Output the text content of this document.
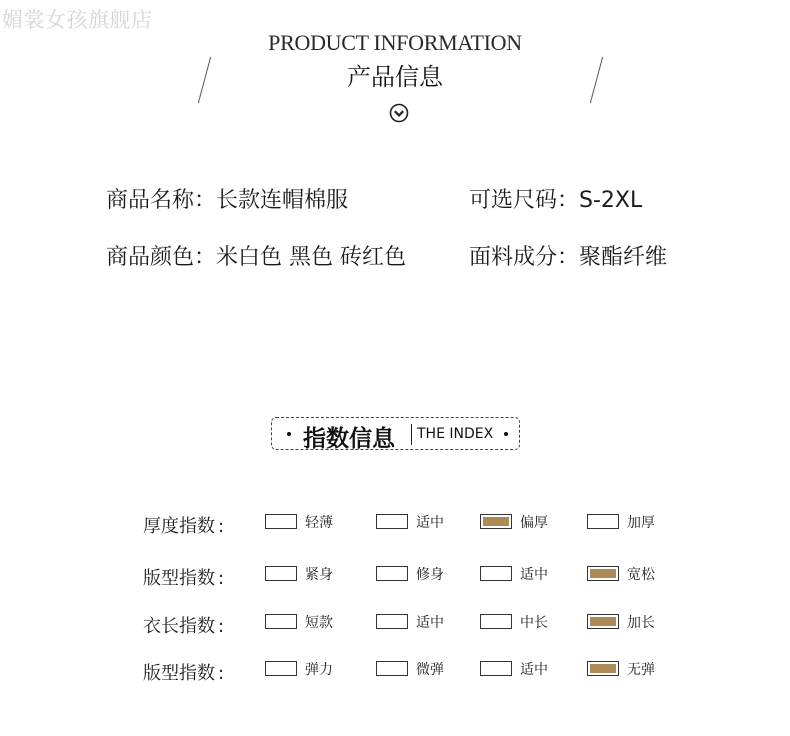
媚裳女孩旗舰店
PRODUCT INFORMATION
产品信息
商品名称：长款连帽棉服	可选尺码：S-2XL
商品颜色：米白色 黑色 砖红色	面料成分：聚酯纤维
指数信息 THE INDEX
厚度指数 :	轻薄	适中	偏厚	加厚
版型指数 :	紧身	修身	适中	宽松
衣长指数 :	短款	适中	中长	加长
版型指数 :	弹力	微弹	适中	无弹
